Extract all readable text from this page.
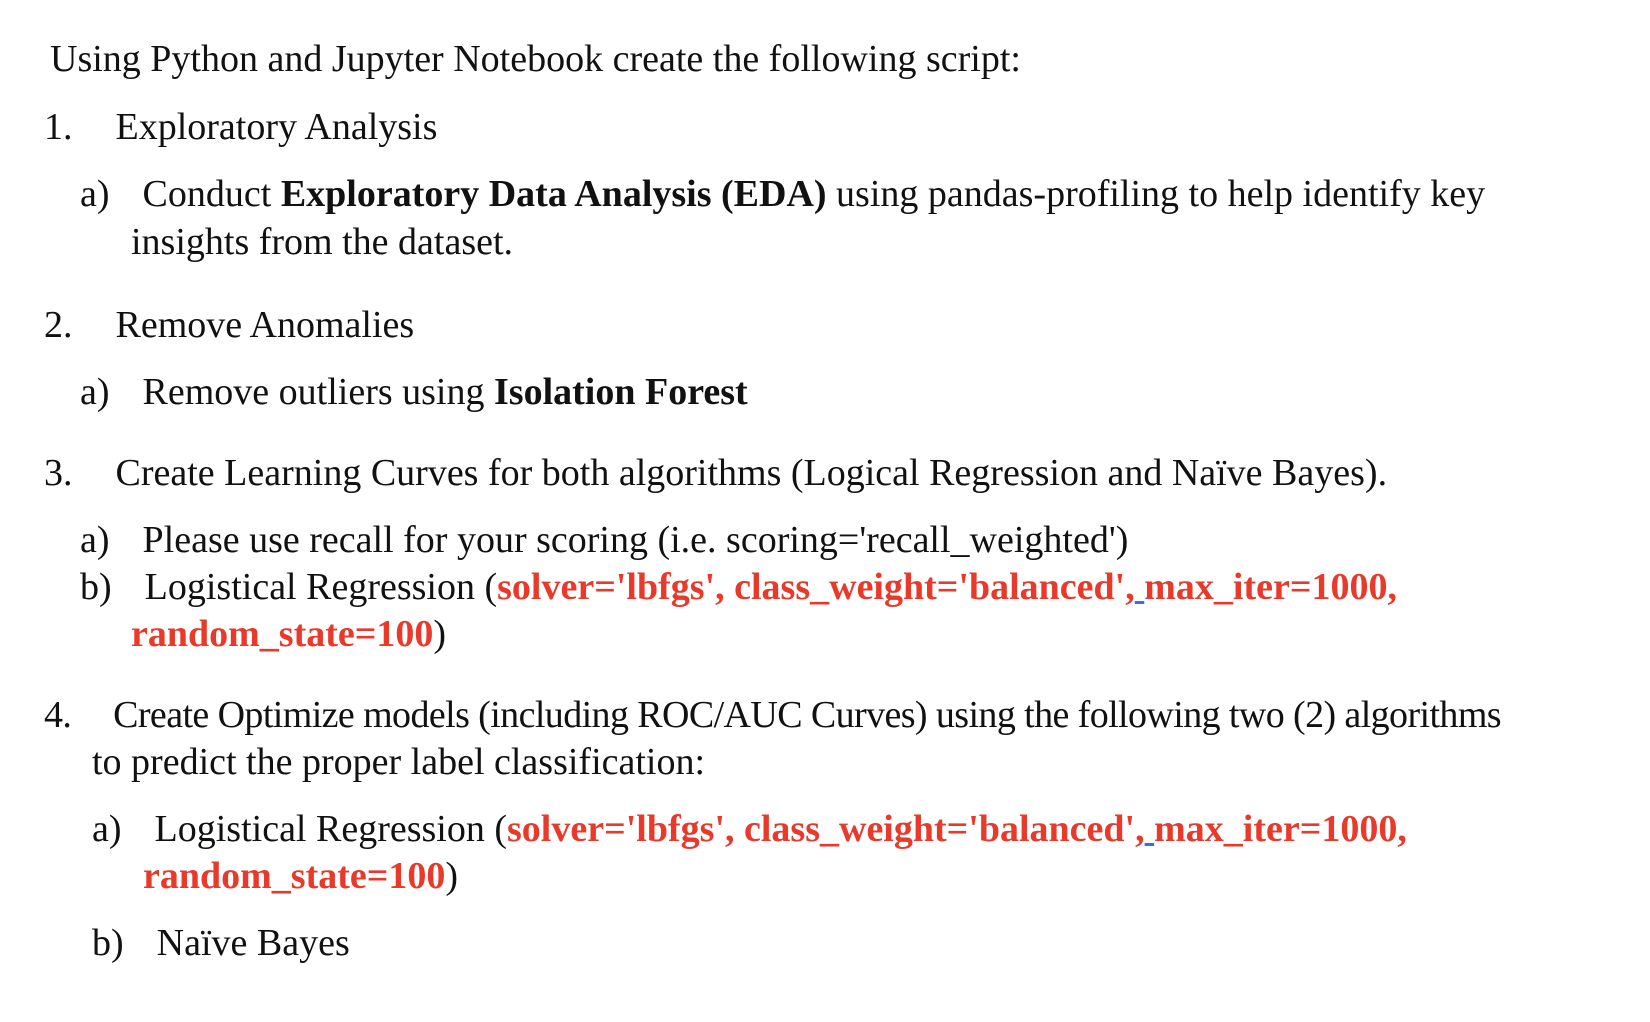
Using Python and Jupyter Notebook create the following script:
1. Exploratory Analysis
a) Conduct Exploratory Data Analysis (EDA) using pandas-profiling to help identify key
insights from the dataset.
2. Remove Anomalies
a) Remove outliers using Isolation Forest
3. Create Learning Curves for both algorithms (Logical Regression and Naïve Bayes).
a) Please use recall for your scoring (i.e. scoring='recall_weighted')
b) Logistical Regression (solver='lbfgs', class_weight='balanced', max_iter=1000,
random_state=100)
4. Create Optimize models (including ROC/AUC Curves) using the following two (2) algorithms
to predict the proper label classification:
a) Logistical Regression (solver='lbfgs', class_weight='balanced', max_iter=1000,
random_state=100)
b) Naïve Bayes
